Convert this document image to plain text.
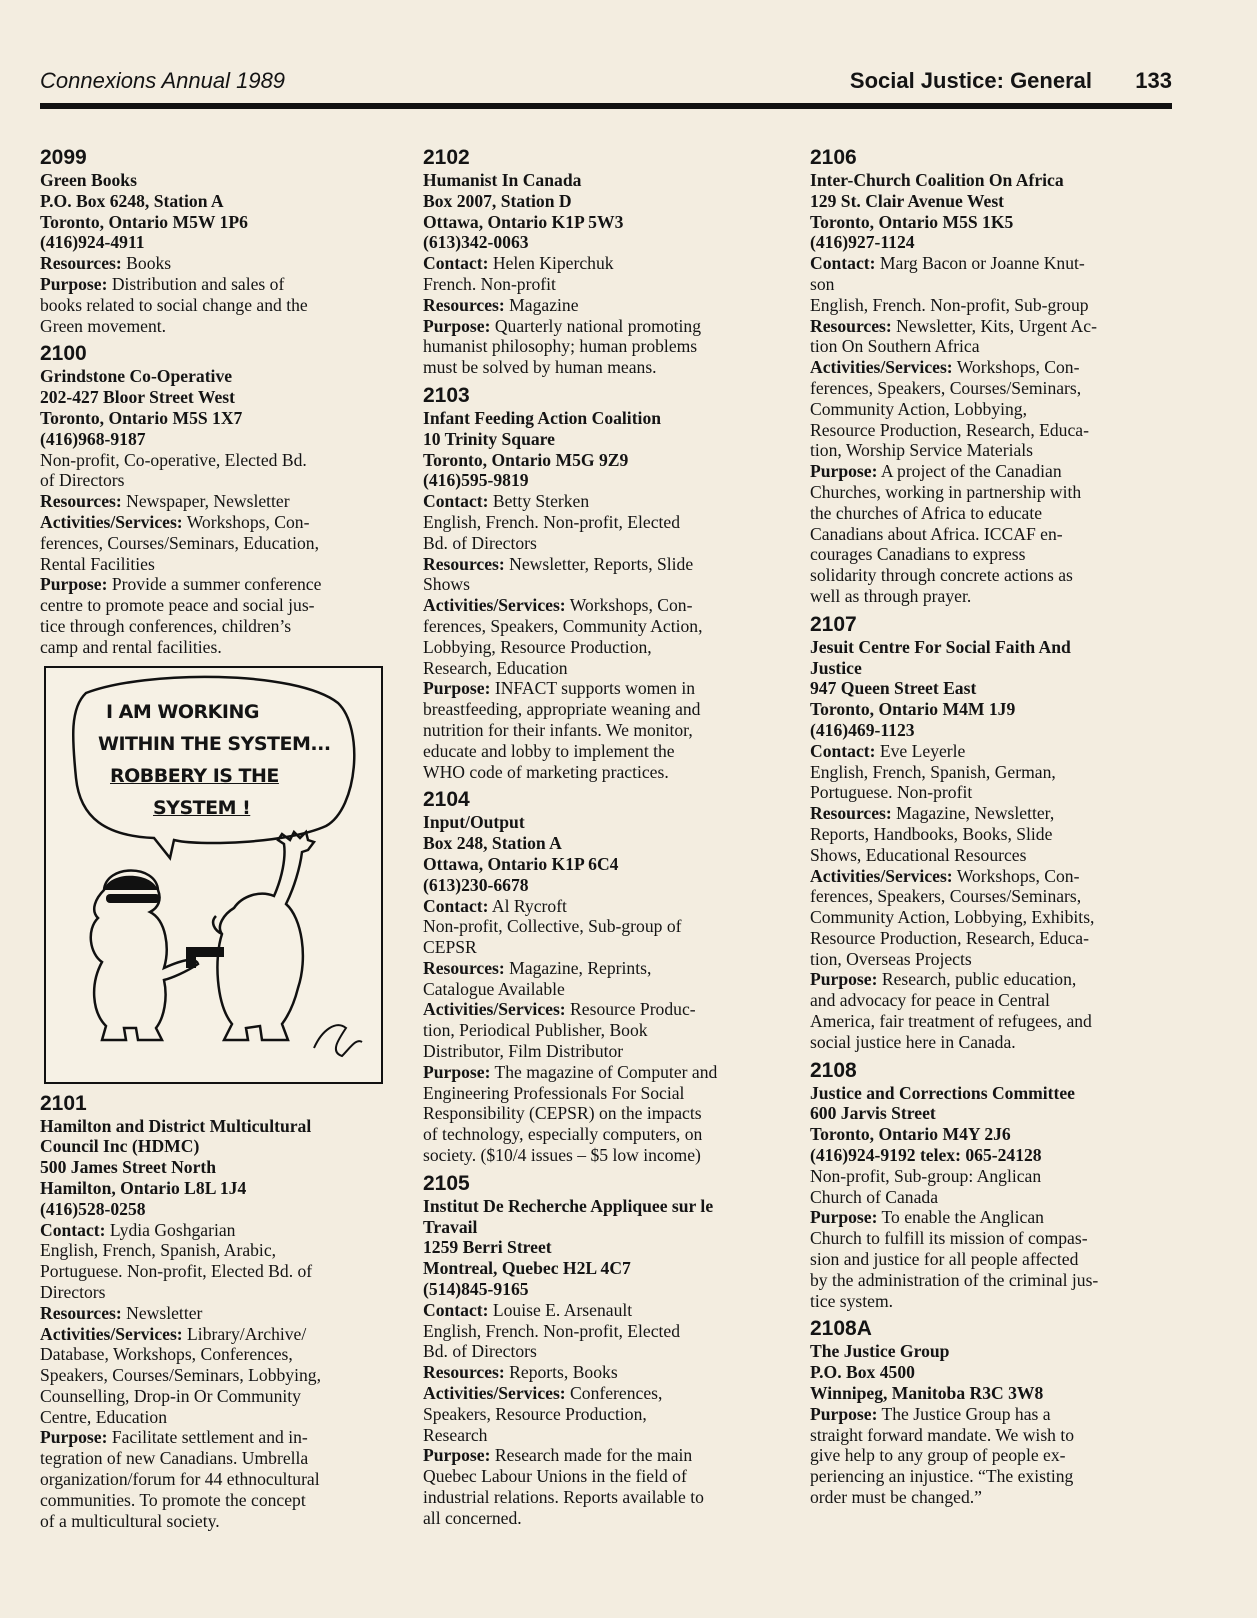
Connexions Annual 1989	Social Justice: General 133
2099
Green Books
P.O. Box 6248, Station A
Toronto, Ontario M5W 1P6
(416)924-4911
Resources: Books
Purpose: Distribution and sales of
books related to social change and the
Green movement.
2100
Grindstone Co-Operative
202-427 Bloor Street West
Toronto, Ontario M5S 1X7
(416)968-9187
Non-profit, Co-operative, Elected Bd.
of Directors
Resources: Newspaper, Newsletter
Activities/Services: Workshops, Con-
ferences, Courses/Seminars, Education,
Rental Facilities
Purpose: Provide a summer conference
centre to promote peace and social jus-
tice through conferences, children’s
camp and rental facilities.
I AM WORKING
WITHIN THE SYSTEM...
ROBBERY IS THE
SYSTEM !
2101
Hamilton and District Multicultural
Council Inc (HDMC)
500 James Street North
Hamilton, Ontario L8L 1J4
(416)528-0258
Contact: Lydia Goshgarian
English, French, Spanish, Arabic,
Portuguese. Non-profit, Elected Bd. of
Directors
Resources: Newsletter
Activities/Services: Library/Archive/
Database, Workshops, Conferences,
Speakers, Courses/Seminars, Lobbying,
Counselling, Drop-in Or Community
Centre, Education
Purpose: Facilitate settlement and in-
tegration of new Canadians. Umbrella
organization/forum for 44 ethnocultural
communities. To promote the concept
of a multicultural society.
2102
Humanist In Canada
Box 2007, Station D
Ottawa, Ontario K1P 5W3
(613)342-0063
Contact: Helen Kiperchuk
French. Non-profit
Resources: Magazine
Purpose: Quarterly national promoting
humanist philosophy; human problems
must be solved by human means.
2103
Infant Feeding Action Coalition
10 Trinity Square
Toronto, Ontario M5G 9Z9
(416)595-9819
Contact: Betty Sterken
English, French. Non-profit, Elected
Bd. of Directors
Resources: Newsletter, Reports, Slide
Shows
Activities/Services: Workshops, Con-
ferences, Speakers, Community Action,
Lobbying, Resource Production,
Research, Education
Purpose: INFACT supports women in
breastfeeding, appropriate weaning and
nutrition for their infants. We monitor,
educate and lobby to implement the
WHO code of marketing practices.
2104
Input/Output
Box 248, Station A
Ottawa, Ontario K1P 6C4
(613)230-6678
Contact: Al Rycroft
Non-profit, Collective, Sub-group of
CEPSR
Resources: Magazine, Reprints,
Catalogue Available
Activities/Services: Resource Produc-
tion, Periodical Publisher, Book
Distributor, Film Distributor
Purpose: The magazine of Computer and
Engineering Professionals For Social
Responsibility (CEPSR) on the impacts
of technology, especially computers, on
society. ($10/4 issues – $5 low income)
2105
Institut De Recherche Appliquee sur le
Travail
1259 Berri Street
Montreal, Quebec H2L 4C7
(514)845-9165
Contact: Louise E. Arsenault
English, French. Non-profit, Elected
Bd. of Directors
Resources: Reports, Books
Activities/Services: Conferences,
Speakers, Resource Production,
Research
Purpose: Research made for the main
Quebec Labour Unions in the field of
industrial relations. Reports available to
all concerned.
2106
Inter-Church Coalition On Africa
129 St. Clair Avenue West
Toronto, Ontario M5S 1K5
(416)927-1124
Contact: Marg Bacon or Joanne Knut-
son
English, French. Non-profit, Sub-group
Resources: Newsletter, Kits, Urgent Ac-
tion On Southern Africa
Activities/Services: Workshops, Con-
ferences, Speakers, Courses/Seminars,
Community Action, Lobbying,
Resource Production, Research, Educa-
tion, Worship Service Materials
Purpose: A project of the Canadian
Churches, working in partnership with
the churches of Africa to educate
Canadians about Africa. ICCAF en-
courages Canadians to express
solidarity through concrete actions as
well as through prayer.
2107
Jesuit Centre For Social Faith And
Justice
947 Queen Street East
Toronto, Ontario M4M 1J9
(416)469-1123
Contact: Eve Leyerle
English, French, Spanish, German,
Portuguese. Non-profit
Resources: Magazine, Newsletter,
Reports, Handbooks, Books, Slide
Shows, Educational Resources
Activities/Services: Workshops, Con-
ferences, Speakers, Courses/Seminars,
Community Action, Lobbying, Exhibits,
Resource Production, Research, Educa-
tion, Overseas Projects
Purpose: Research, public education,
and advocacy for peace in Central
America, fair treatment of refugees, and
social justice here in Canada.
2108
Justice and Corrections Committee
600 Jarvis Street
Toronto, Ontario M4Y 2J6
(416)924-9192 telex: 065-24128
Non-profit, Sub-group: Anglican
Church of Canada
Purpose: To enable the Anglican
Church to fulfill its mission of compas-
sion and justice for all people affected
by the administration of the criminal jus-
tice system.
2108A
The Justice Group
P.O. Box 4500
Winnipeg, Manitoba R3C 3W8
Purpose: The Justice Group has a
straight forward mandate. We wish to
give help to any group of people ex-
periencing an injustice. “The existing
order must be changed.”
